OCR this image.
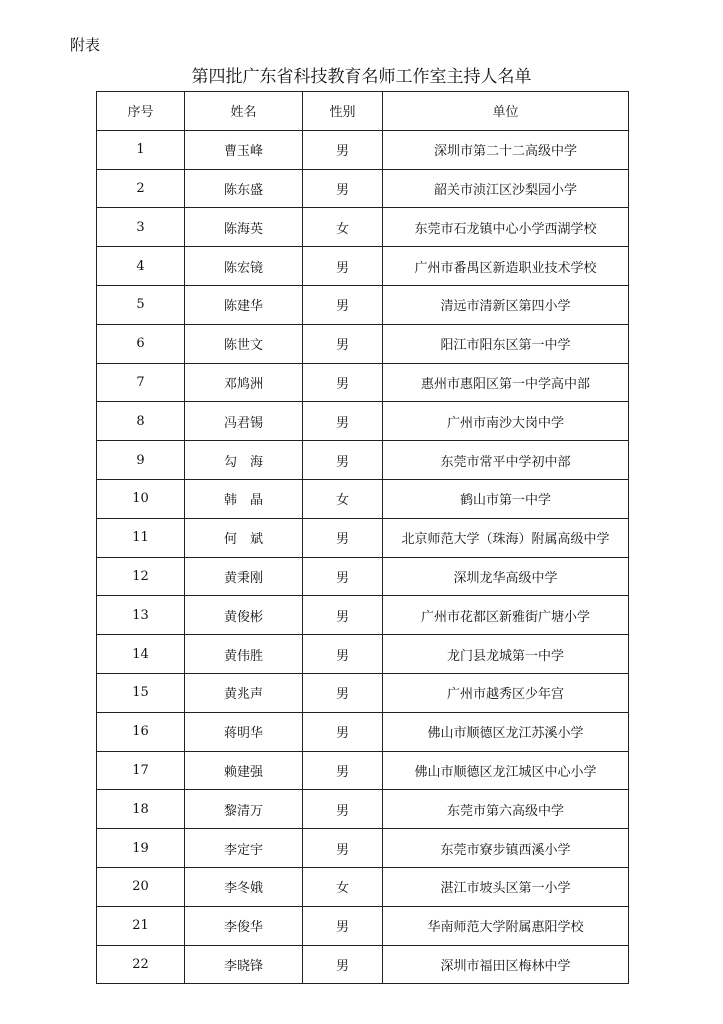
附表
第四批广东省科技教育名师工作室主持人名单
序号	姓名	性别	单位
1	曹玉峰	男	深圳市第二十二高级中学
2	陈东盛	男	韶关市浈江区沙梨园小学
3	陈海英	女	东莞市石龙镇中心小学西湖学校
4	陈宏镜	男	广州市番禺区新造职业技术学校
5	陈建华	男	清远市清新区第四小学
6	陈世文	男	阳江市阳东区第一中学
7	邓鸠洲	男	惠州市惠阳区第一中学高中部
8	冯君锡	男	广州市南沙大岗中学
9	勾　海	男	东莞市常平中学初中部
10	韩　晶	女	鹤山市第一中学
11	何　斌	男	北京师范大学（珠海）附属高级中学
12	黄秉刚	男	深圳龙华高级中学
13	黄俊彬	男	广州市花都区新雅街广塘小学
14	黄伟胜	男	龙门县龙城第一中学
15	黄兆声	男	广州市越秀区少年宫
16	蒋明华	男	佛山市顺德区龙江苏溪小学
17	赖建强	男	佛山市顺德区龙江城区中心小学
18	黎清万	男	东莞市第六高级中学
19	李定宇	男	东莞市寮步镇西溪小学
20	李冬娥	女	湛江市坡头区第一小学
21	李俊华	男	华南师范大学附属惠阳学校
22	李晓锋	男	深圳市福田区梅林中学
